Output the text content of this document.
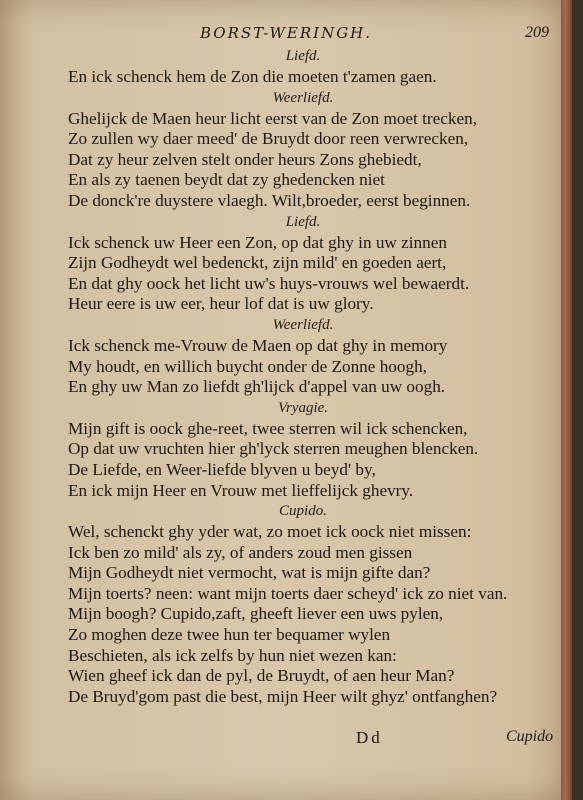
BORST-WERINGH.	209
Liefd.
En ick schenck hem de Zon die moeten t'zamen gaen.
Weerliefd.
Ghelijck de Maen heur licht eerst van de Zon moet trecken,
Zo zullen wy daer meed' de Bruydt door reen verwrecken,
Dat zy heur zelven stelt onder heurs Zons ghebiedt,
En als zy taenen beydt dat zy ghedencken niet
De donck're duystere vlaegh. Wilt,broeder, eerst beginnen.
Liefd.
Ick schenck uw Heer een Zon, op dat ghy in uw zinnen
Zijn Godheydt wel bedenckt, zijn mild' en goeden aert,
En dat ghy oock het licht uw's huys-vrouws wel bewaerdt.
Heur eere is uw eer, heur lof dat is uw glory.
Weerliefd.
Ick schenck me-Vrouw de Maen op dat ghy in memory
My houdt, en willich buycht onder de Zonne hoogh,
En ghy uw Man zo liefdt gh'lijck d'appel van uw oogh.
Vryagie.
Mijn gift is oock ghe-reet, twee sterren wil ick schencken,
Op dat uw vruchten hier gh'lyck sterren meughen blencken.
De Liefde, en Weer-liefde blyven u beyd' by,
En ick mijn Heer en Vrouw met lieffelijck ghevry.
Cupido.
Wel, schenckt ghy yder wat, zo moet ick oock niet missen:
Ick ben zo mild' als zy, of anders zoud men gissen
Mijn Godheydt niet vermocht, wat is mijn gifte dan?
Mijn toerts? neen: want mijn toerts daer scheyd' ick zo niet van.
Mijn boogh? Cupido,zaft, gheeft liever een uws pylen,
Zo moghen deze twee hun ter bequamer wylen
Beschieten, als ick zelfs by hun niet wezen kan:
Wien gheef ick dan de pyl, de Bruydt, of aen heur Man?
De Bruyd'gom past die best, mijn Heer wilt ghyz' ontfanghen?
Dd	Cupido
